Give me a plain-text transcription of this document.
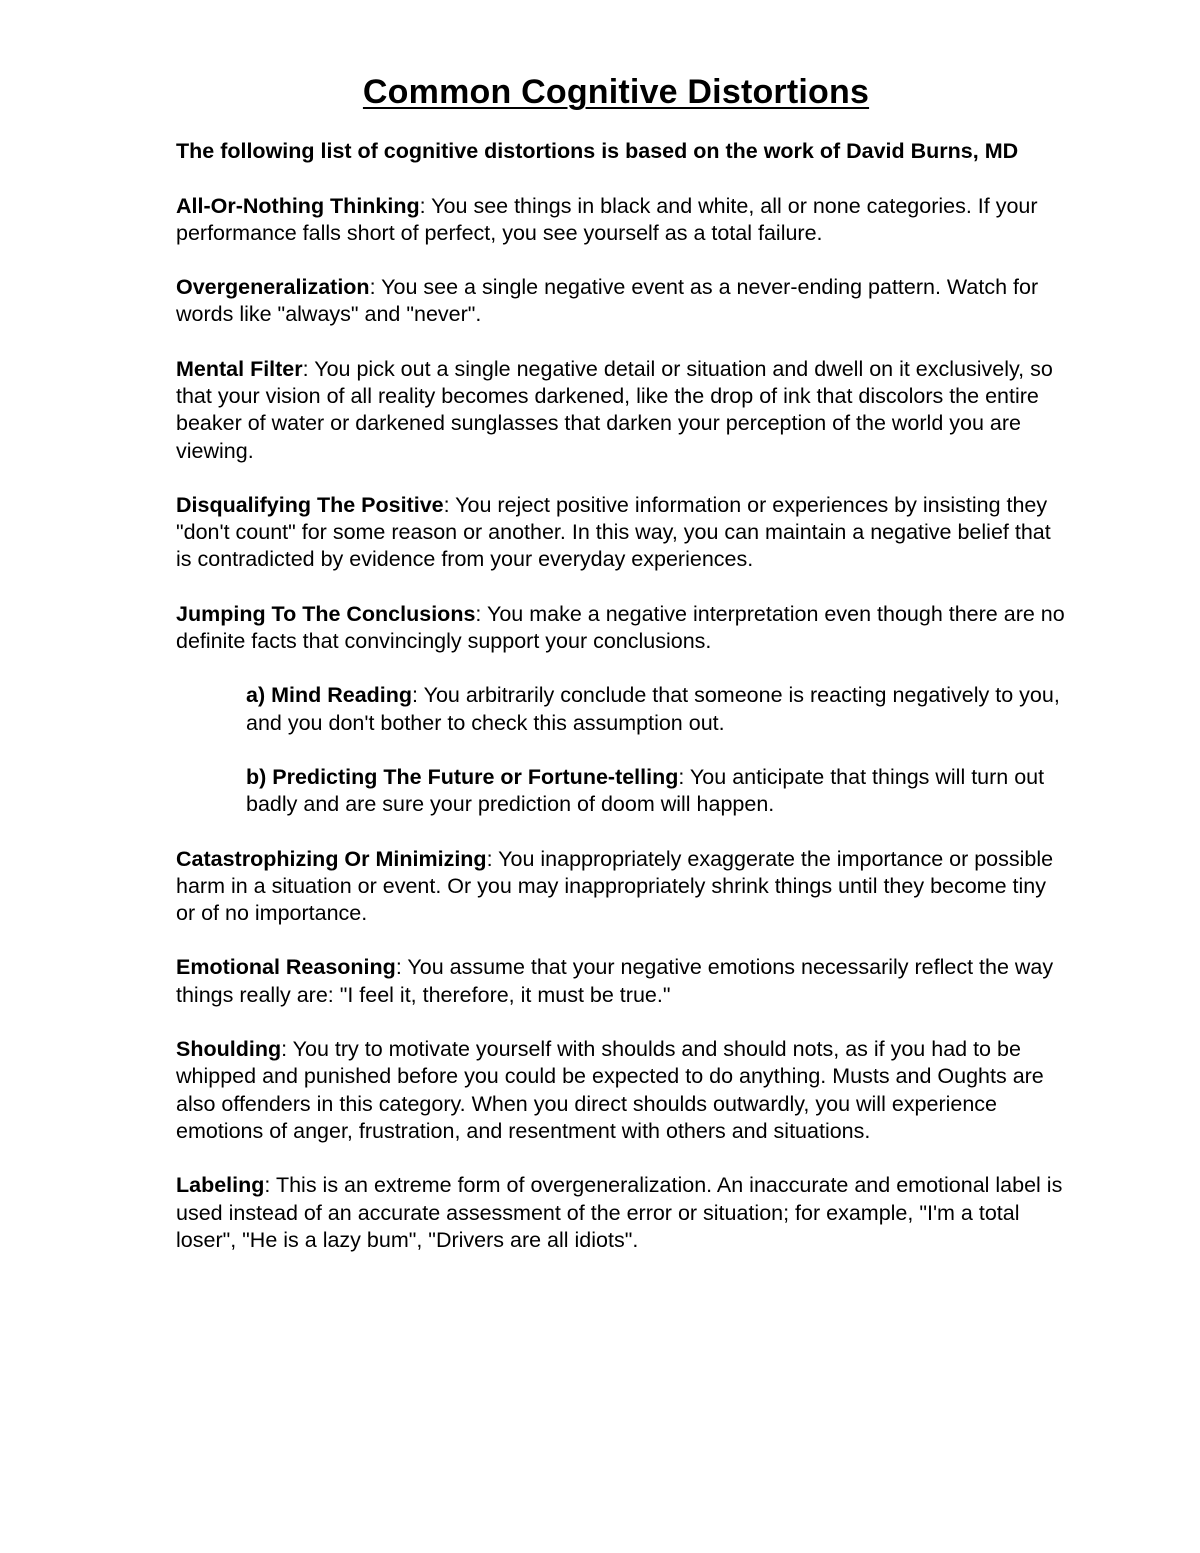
Common Cognitive Distortions

The following list of cognitive distortions is based on the work of David Burns, MD

All-Or-Nothing Thinking: You see things in black and white, all or none categories. If your performance falls short of perfect, you see yourself as a total failure.

Overgeneralization: You see a single negative event as a never-ending pattern. Watch for words like "always" and "never".

Mental Filter: You pick out a single negative detail or situation and dwell on it exclusively, so that your vision of all reality becomes darkened, like the drop of ink that discolors the entire beaker of water or darkened sunglasses that darken your perception of the world you are viewing.

Disqualifying The Positive: You reject positive information or experiences by insisting they "don't count" for some reason or another. In this way, you can maintain a negative belief that is contradicted by evidence from your everyday experiences.

Jumping To The Conclusions: You make a negative interpretation even though there are no definite facts that convincingly support your conclusions.

a) Mind Reading: You arbitrarily conclude that someone is reacting negatively to you, and you don't bother to check this assumption out.

b) Predicting The Future or Fortune-telling: You anticipate that things will turn out badly and are sure your prediction of doom will happen.

Catastrophizing Or Minimizing: You inappropriately exaggerate the importance or possible harm in a situation or event. Or you may inappropriately shrink things until they become tiny or of no importance.

Emotional Reasoning: You assume that your negative emotions necessarily reflect the way things really are: "I feel it, therefore, it must be true."

Shoulding: You try to motivate yourself with shoulds and should nots, as if you had to be whipped and punished before you could be expected to do anything. Musts and Oughts are also offenders in this category. When you direct shoulds outwardly, you will experience emotions of anger, frustration, and resentment with others and situations.

Labeling: This is an extreme form of overgeneralization. An inaccurate and emotional label is used instead of an accurate assessment of the error or situation; for example, "I'm a total loser", "He is a lazy bum", "Drivers are all idiots".
